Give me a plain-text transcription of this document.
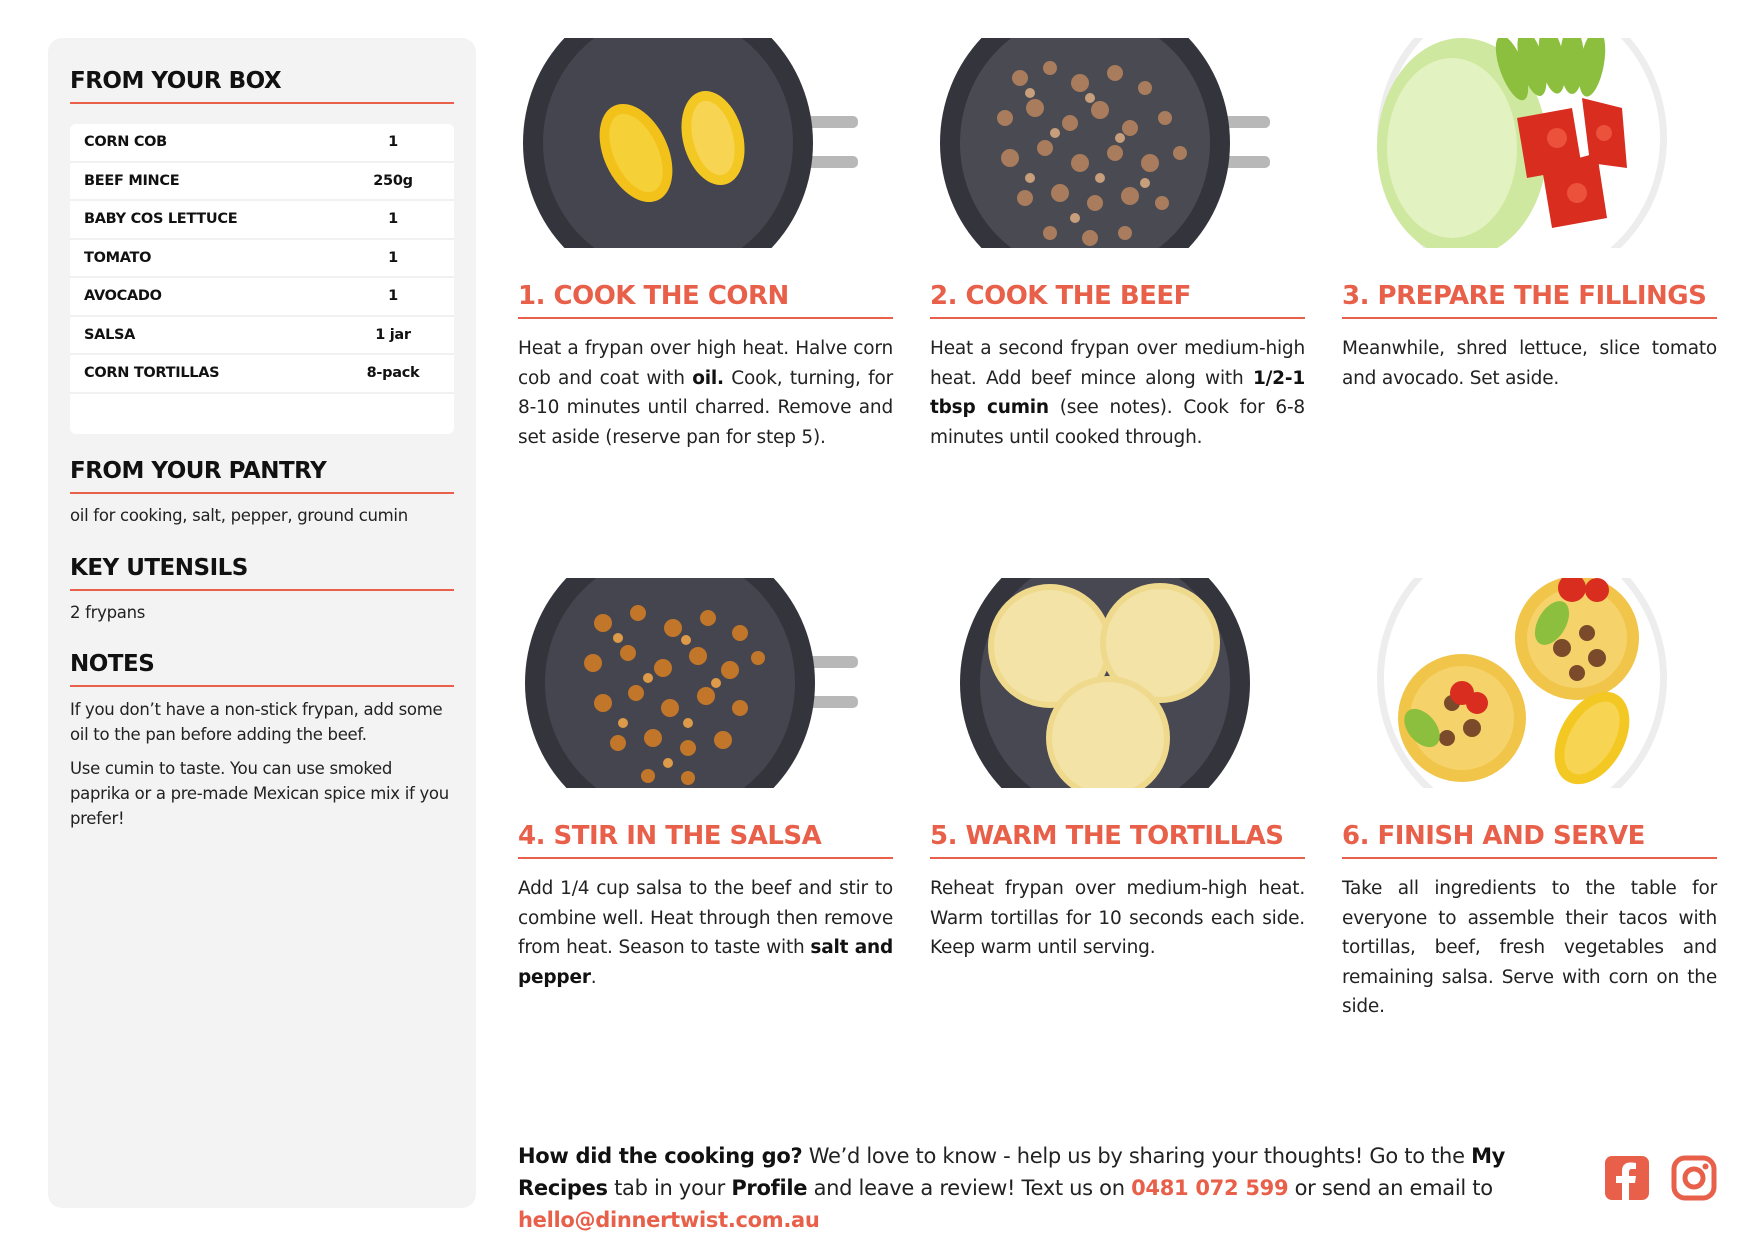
FROM YOUR BOX
CORN COB	1
BEEF MINCE	250g
BABY COS LETTUCE	1
TOMATO	1
AVOCADO	1
SALSA	1 jar
CORN TORTILLAS	8-pack
FROM YOUR PANTRY
oil for cooking, salt, pepper, ground cumin
KEY UTENSILS
2 frypans
NOTES
If you don’t have a non-stick frypan, add some oil to the pan before adding the beef.
Use cumin to taste. You can use smoked paprika or a pre-made Mexican spice mix if you prefer!
1. COOK THE CORN
Heat a frypan over high heat. Halve corn cob and coat with oil. Cook, turning, for 8-10 minutes until charred. Remove and set aside (reserve pan for step 5).
2. COOK THE BEEF
Heat a second frypan over medium-high heat. Add beef mince along with 1/2-1 tbsp cumin (see notes). Cook for 6-8 minutes until cooked through.
3. PREPARE THE FILLINGS
Meanwhile, shred lettuce, slice tomato and avocado. Set aside.
4. STIR IN THE SALSA
Add 1/4 cup salsa to the beef and stir to combine well. Heat through then remove from heat. Season to taste with salt and pepper.
5. WARM THE TORTILLAS
Reheat frypan over medium-high heat. Warm tortillas for 10 seconds each side. Keep warm until serving.
6. FINISH AND SERVE
Take all ingredients to the table for everyone to assemble their tacos with tortillas, beef, fresh vegetables and remaining salsa. Serve with corn on the side.
How did the cooking go? We’d love to know - help us by sharing your thoughts! Go to the My Recipes tab in your Profile and leave a review! Text us on 0481 072 599 or send an email to hello@dinnertwist.com.au
